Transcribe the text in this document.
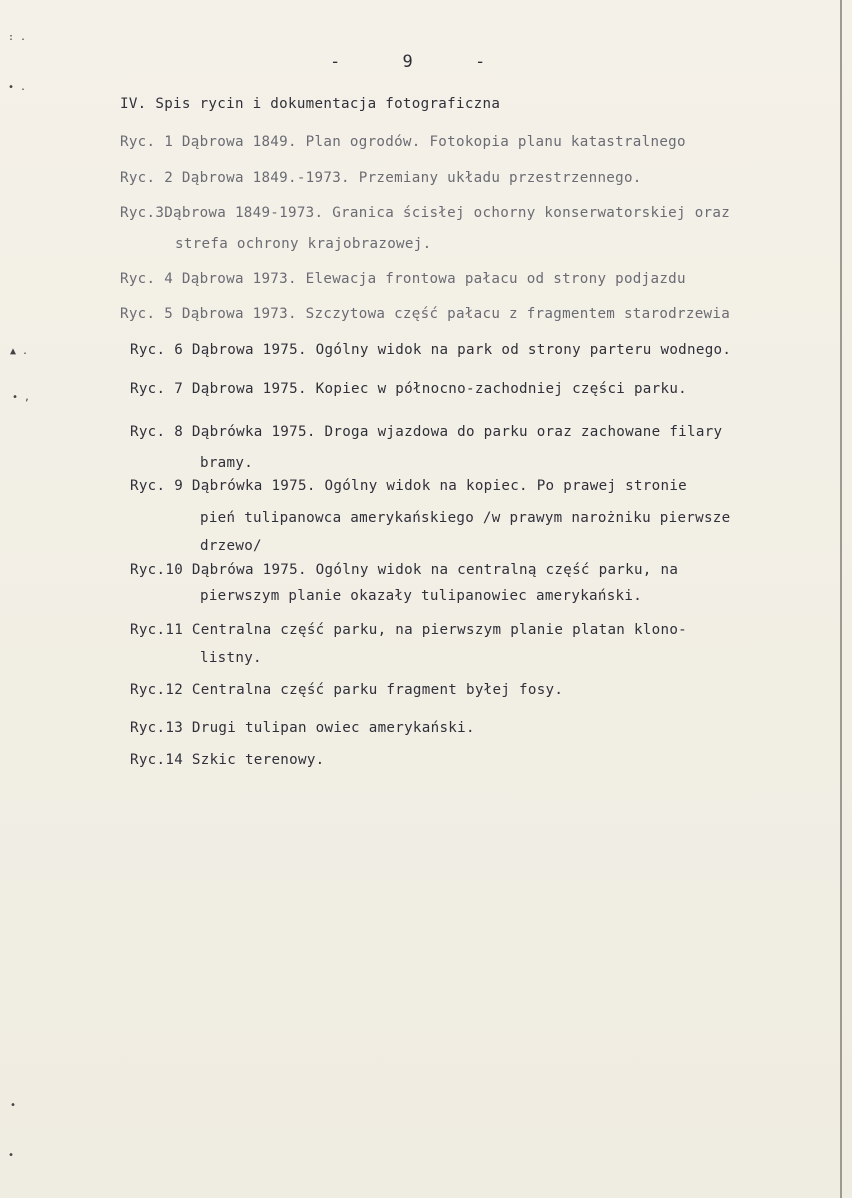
: .
• .
▲ .
• ‚
•
•
- 9 -
IV. Spis rycin i dokumentacja fotograficzna
Ryc. 1 Dąbrowa 1849. Plan ogrodów. Fotokopia planu katastralnego
Ryc. 2 Dąbrowa 1849.-1973. Przemiany układu przestrzennego.
Ryc.3Dąbrowa 1849-1973. Granica ścisłej ochorny konserwatorskiej oraz
strefa ochrony krajobrazowej.
Ryc. 4 Dąbrowa 1973. Elewacja frontowa pałacu od strony podjazdu
Ryc. 5 Dąbrowa 1973. Szczytowa część pałacu z fragmentem starodrzewia
Ryc. 6 Dąbrowa 1975. Ogólny widok na park od strony parteru wodnego.
Ryc. 7 Dąbrowa 1975. Kopiec w północno-zachodniej części parku.
Ryc. 8 Dąbrówka 1975. Droga wjazdowa do parku oraz zachowane filary
bramy.
Ryc. 9 Dąbrówka 1975. Ogólny widok na kopiec. Po prawej stronie
pień tulipanowca amerykańskiego /w prawym narożniku pierwsze
drzewo/
Ryc.10 Dąbrówa 1975. Ogólny widok na centralną część parku, na
pierwszym planie okazały tulipanowiec amerykański.
Ryc.11 Centralna część parku, na pierwszym planie platan klono-
listny.
Ryc.12 Centralna część parku fragment byłej fosy.
Ryc.13 Drugi tulipan owiec amerykański.
Ryc.14 Szkic terenowy.
